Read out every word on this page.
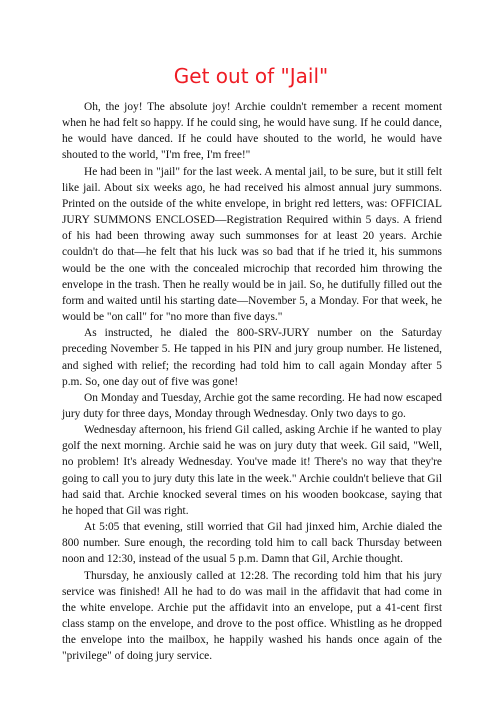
Get out of "Jail"

Oh, the joy! The absolute joy! Archie couldn't remember a recent moment when he had felt so happy. If he could sing, he would have sung. If he could dance, he would have danced. If he could have shouted to the world, he would have shouted to the world, "I'm free, I'm free!"

He had been in "jail" for the last week. A mental jail, to be sure, but it still felt like jail. About six weeks ago, he had received his almost annual jury summons. Printed on the outside of the white envelope, in bright red letters, was: OFFICIAL JURY SUMMONS ENCLOSED—Registration Required within 5 days. A friend of his had been throwing away such summonses for at least 20 years. Archie couldn't do that—he felt that his luck was so bad that if he tried it, his summons would be the one with the concealed microchip that recorded him throwing the envelope in the trash. Then he really would be in jail. So, he dutifully filled out the form and waited until his starting date—November 5, a Monday. For that week, he would be "on call" for "no more than five days."

As instructed, he dialed the 800-SRV-JURY number on the Saturday preceding November 5. He tapped in his PIN and jury group number. He listened, and sighed with relief; the recording had told him to call again Monday after 5 p.m. So, one day out of five was gone!

On Monday and Tuesday, Archie got the same recording. He had now escaped jury duty for three days, Monday through Wednesday. Only two days to go.

Wednesday afternoon, his friend Gil called, asking Archie if he wanted to play golf the next morning. Archie said he was on jury duty that week. Gil said, "Well, no problem! It's already Wednesday. You've made it! There's no way that they're going to call you to jury duty this late in the week." Archie couldn't believe that Gil had said that. Archie knocked several times on his wooden bookcase, saying that he hoped that Gil was right.

At 5:05 that evening, still worried that Gil had jinxed him, Archie dialed the 800 number. Sure enough, the recording told him to call back Thursday between noon and 12:30, instead of the usual 5 p.m. Damn that Gil, Archie thought.

Thursday, he anxiously called at 12:28. The recording told him that his jury service was finished! All he had to do was mail in the affidavit that had come in the white envelope. Archie put the affidavit into an envelope, put a 41-cent first class stamp on the envelope, and drove to the post office. Whistling as he dropped the envelope into the mailbox, he happily washed his hands once again of the "privilege" of doing jury service.
